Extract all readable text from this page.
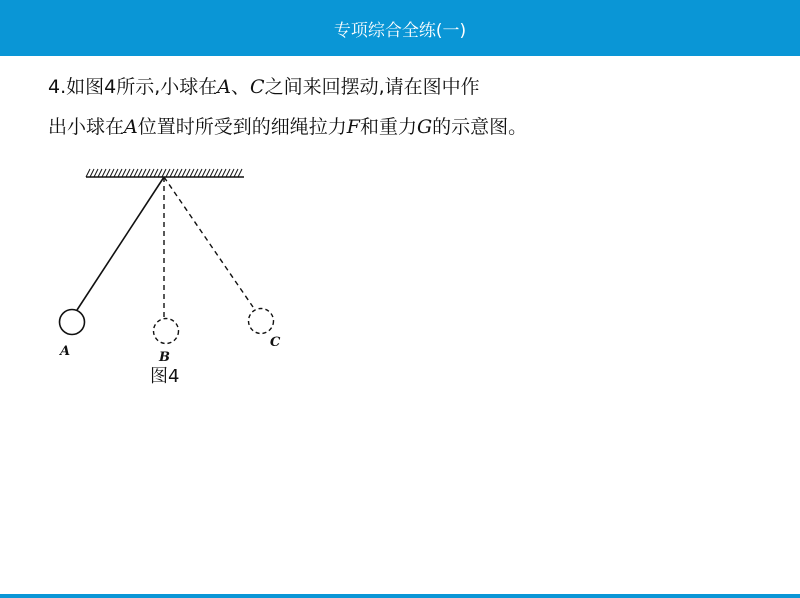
专项综合全练(一)
4.如图4所示,小球在A、C之间来回摆动,请在图中作
出小球在A位置时所受到的细绳拉力F和重力G的示意图。
A	B
C
图4
